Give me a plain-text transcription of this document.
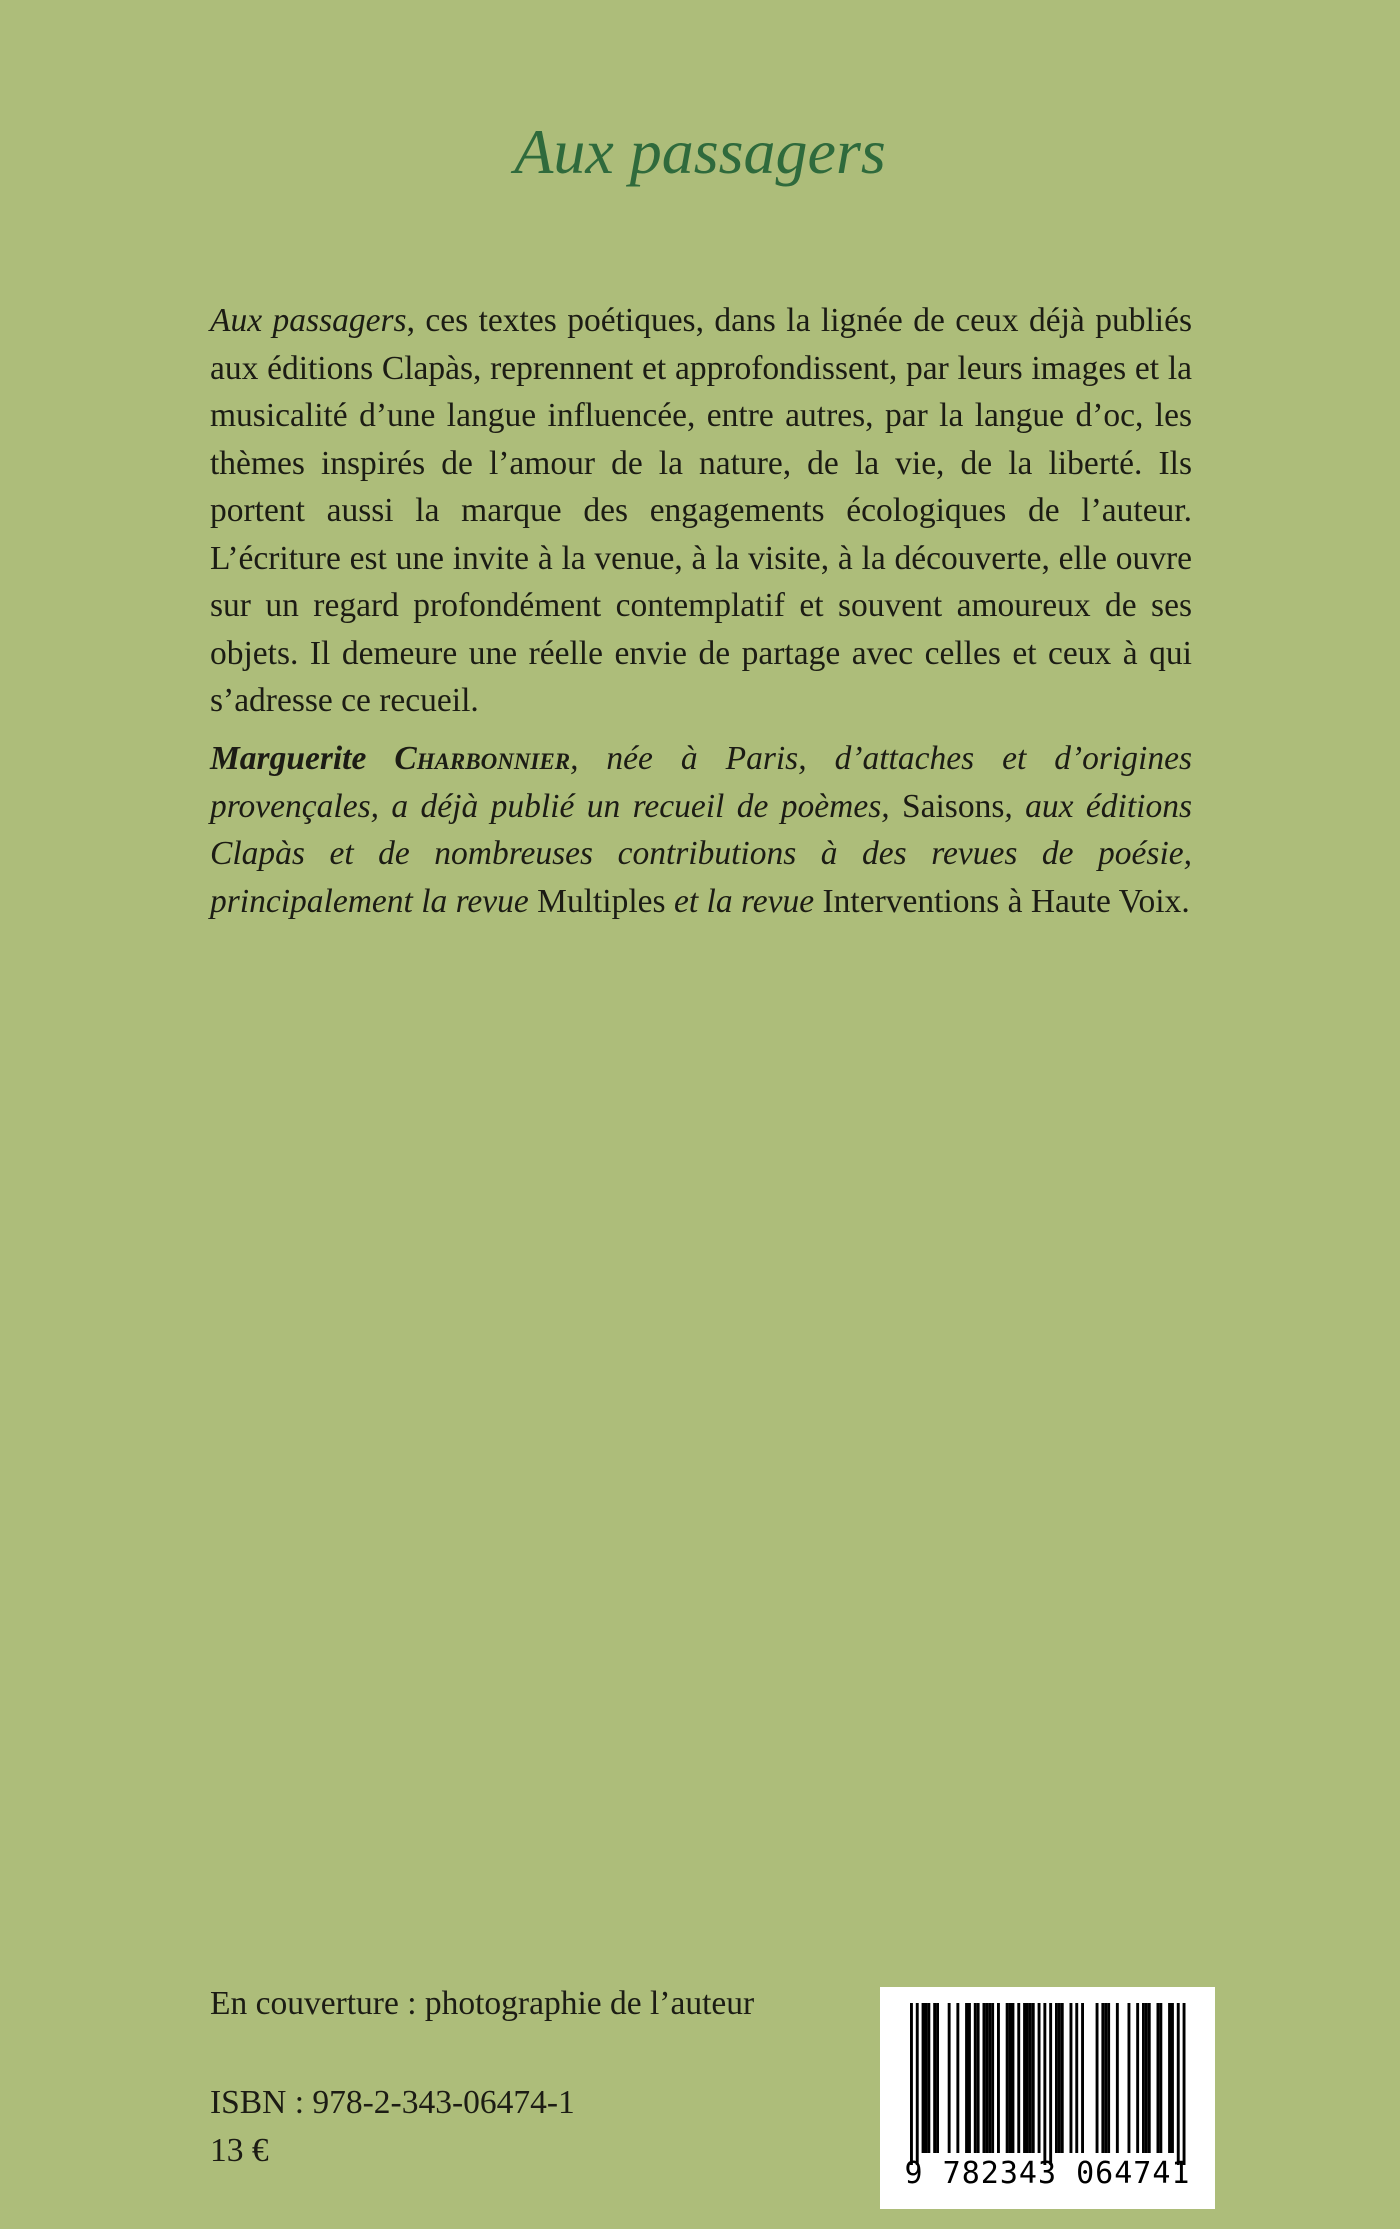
Aux passagers

Aux passagers, ces textes poétiques, dans la lignée de ceux déjà publiés aux éditions Clapàs, reprennent et approfondissent, par leurs images et la musicalité d’une langue influencée, entre autres, par la langue d’oc, les thèmes inspirés de l’amour de la nature, de la vie, de la liberté. Ils portent aussi la marque des engagements écologiques de l’auteur. L’écriture est une invite à la venue, à la visite, à la découverte, elle ouvre sur un regard profondément contemplatif et souvent amoureux de ses objets. Il demeure une réelle envie de partage avec celles et ceux à qui s’adresse ce recueil.

Marguerite Charbonnier, née à Paris, d’attaches et d’origines provençales, a déjà publié un recueil de poèmes, Saisons, aux éditions Clapàs et de nombreuses contributions à des revues de poésie, principalement la revue Multiples et la revue Interventions à Haute Voix.

En couverture : photographie de l’auteur
ISBN : 978-2-343-06474-1
13 €
9 782343 064741
